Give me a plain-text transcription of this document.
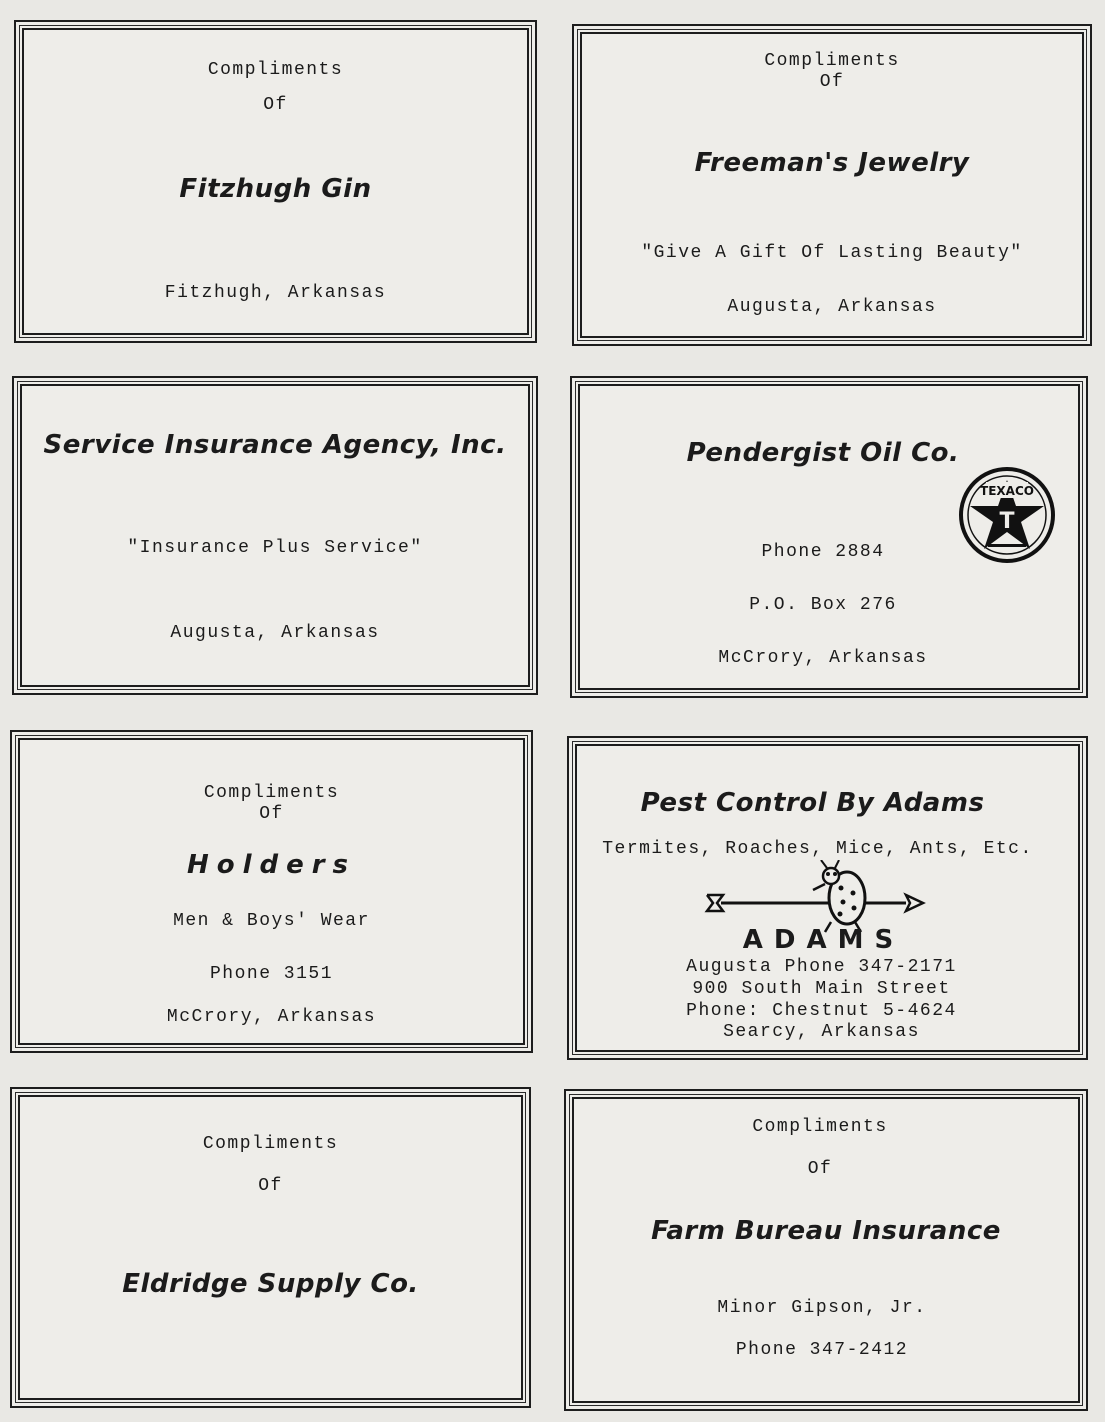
Compliments
Of
Fitzhugh Gin
Fitzhugh, Arkansas
Compliments
Of
Freeman's Jewelry
"Give A Gift Of Lasting Beauty"
Augusta, Arkansas
Service Insurance Agency, Inc.
"Insurance Plus Service"
Augusta, Arkansas
Pendergist Oil Co.
Phone 2884
P.O. Box 276
McCrory, Arkansas
TEXACO
T
Compliments
Of
Holders
Men & Boys' Wear
Phone 3151
McCrory, Arkansas
Pest Control By Adams
Termites, Roaches, Mice, Ants, Etc.
ADAMS
Augusta Phone 347-2171
900 South Main Street
Phone: Chestnut 5-4624
Searcy, Arkansas
Compliments
Of
Eldridge Supply Co.
Compliments
Of
Farm Bureau Insurance
Minor Gipson, Jr.
Phone 347-2412
